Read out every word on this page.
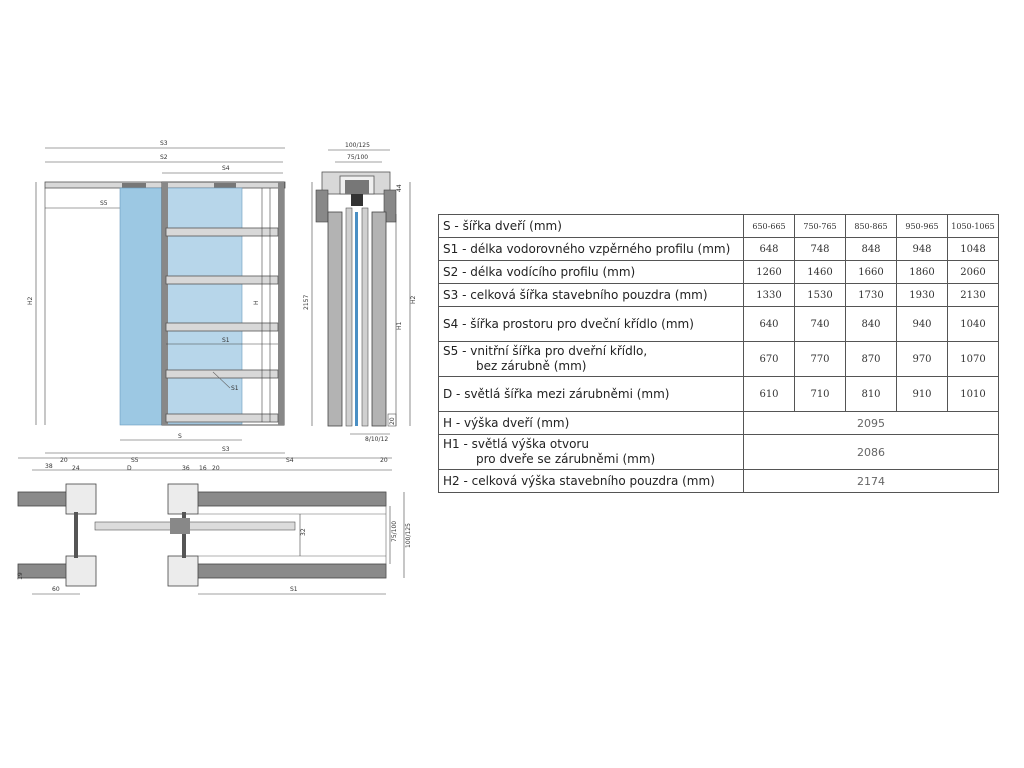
S3
S2
S4
S5
H2	H
S1
S1
S
S3
100/125
75/100
44
2157
H1
H2
20
8/10/12
38
20	S5	S4	20
24	D	36 16 20
32	75/100 100/125
19
60	S1
S - šířka dveří (mm)	650-665	750-765	850-865	950-965	1050-1065
S1 - délka vodorovného vzpěrného profilu (mm)	648	748	848	948	1048
S2 - délka vodícího profilu (mm)	1260	1460	1660	1860	2060
S3 - celková šířka stavebního pouzdra (mm)	1330	1530	1730	1930	2130
S4 - šířka prostoru pro dveční křídlo (mm)	640	740	840	940	1040
S5 - vnitřní šířka pro dveřní křídlo,
bez zárubně (mm)	670	770	870	970	1070
D - světlá šířka mezi zárubněmi (mm)	610	710	810	910	1010
H - výška dveří (mm)	2095				
H1 - světlá výška otvoru
pro dveře se zárubněmi (mm)	2086				
H2 - celková výška stavebního pouzdra (mm)	2174				
